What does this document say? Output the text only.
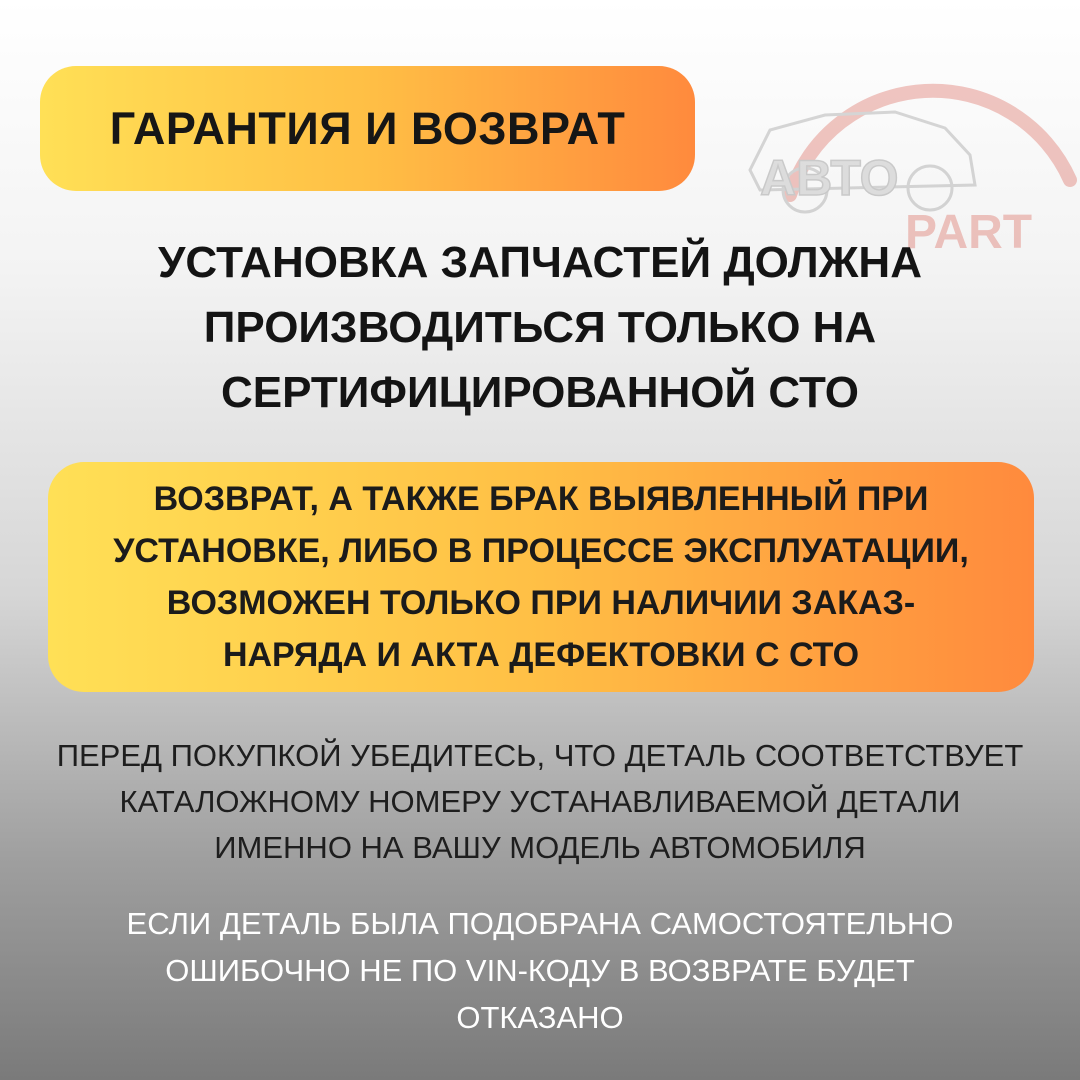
АВТО
PART
ГАРАНТИЯ И ВОЗВРАТ
УСТАНОВКА ЗАПЧАСТЕЙ ДОЛЖНА
ПРОИЗВОДИТЬСЯ ТОЛЬКО НА
СЕРТИФИЦИРОВАННОЙ СТО
ВОЗВРАТ, А ТАКЖЕ БРАК ВЫЯВЛЕННЫЙ ПРИ
УСТАНОВКЕ, ЛИБО В ПРОЦЕССЕ ЭКСПЛУАТАЦИИ,
ВОЗМОЖЕН ТОЛЬКО ПРИ НАЛИЧИИ ЗАКАЗ-
НАРЯДА И АКТА ДЕФЕКТОВКИ С СТО
ПЕРЕД ПОКУПКОЙ УБЕДИТЕСЬ, ЧТО ДЕТАЛЬ СООТВЕТСТВУЕТ
КАТАЛОЖНОМУ НОМЕРУ УСТАНАВЛИВАЕМОЙ ДЕТАЛИ
ИМЕННО НА ВАШУ МОДЕЛЬ АВТОМОБИЛЯ
ЕСЛИ ДЕТАЛЬ БЫЛА ПОДОБРАНА САМОСТОЯТЕЛЬНО
ОШИБОЧНО НЕ ПО VIN-КОДУ В ВОЗВРАТЕ БУДЕТ
ОТКАЗАНО
